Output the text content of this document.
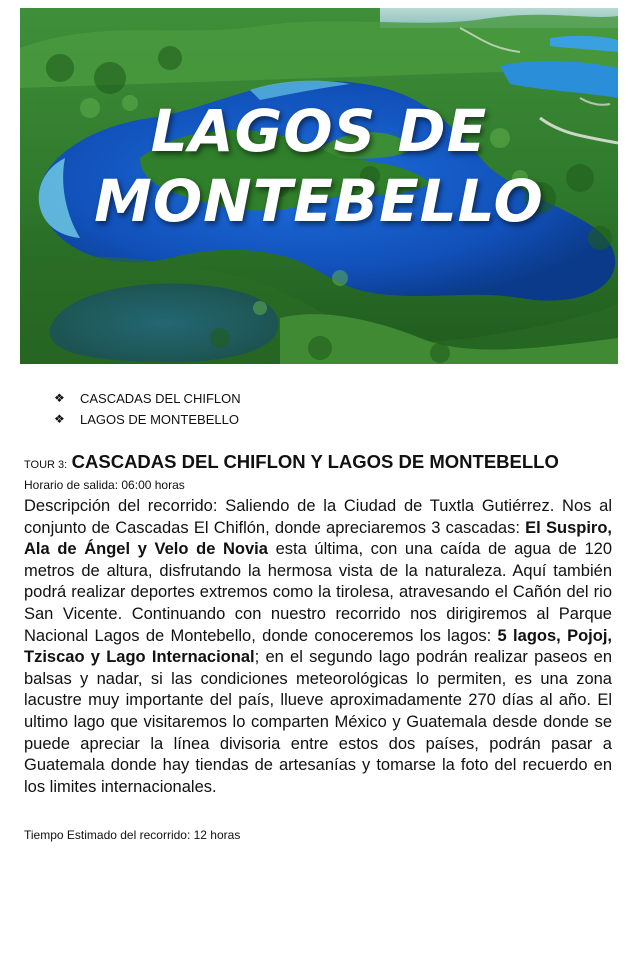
LAGOS DE
MONTEBELLO
❖	CASCADAS DEL CHIFLON
❖	LAGOS DE MONTEBELLO
TOUR 3: CASCADAS DEL CHIFLON Y LAGOS DE MONTEBELLO
Horario de salida: 06:00 horas

Descripción del recorrido: Saliendo de la Ciudad de Tuxtla Gutiérrez. Nos al conjunto de Cascadas El Chiflón, donde apreciaremos 3 cascadas: El Suspiro, Ala de Ángel y Velo de Novia esta última, con una caída de agua de 120 metros de altura, disfrutando la hermosa vista de la naturaleza. Aquí también podrá realizar deportes extremos como la tirolesa, atravesando el Cañón del rio San Vicente. Continuando con nuestro recorrido nos dirigiremos al Parque Nacional Lagos de Montebello, donde conoceremos los lagos: 5 lagos, Pojoj, Tziscao y Lago Internacional; en el segundo lago podrán realizar paseos en balsas y nadar, si las condiciones meteorológicas lo permiten, es una zona lacustre muy importante del país, llueve aproximadamente 270 días al año. El ultimo lago que visitaremos lo comparten México y Guatemala desde donde se puede apreciar la línea divisoria entre estos dos países, podrán pasar a Guatemala donde hay tiendas de artesanías y tomarse la foto del recuerdo en los limites internacionales.

Tiempo Estimado del recorrido: 12 horas
